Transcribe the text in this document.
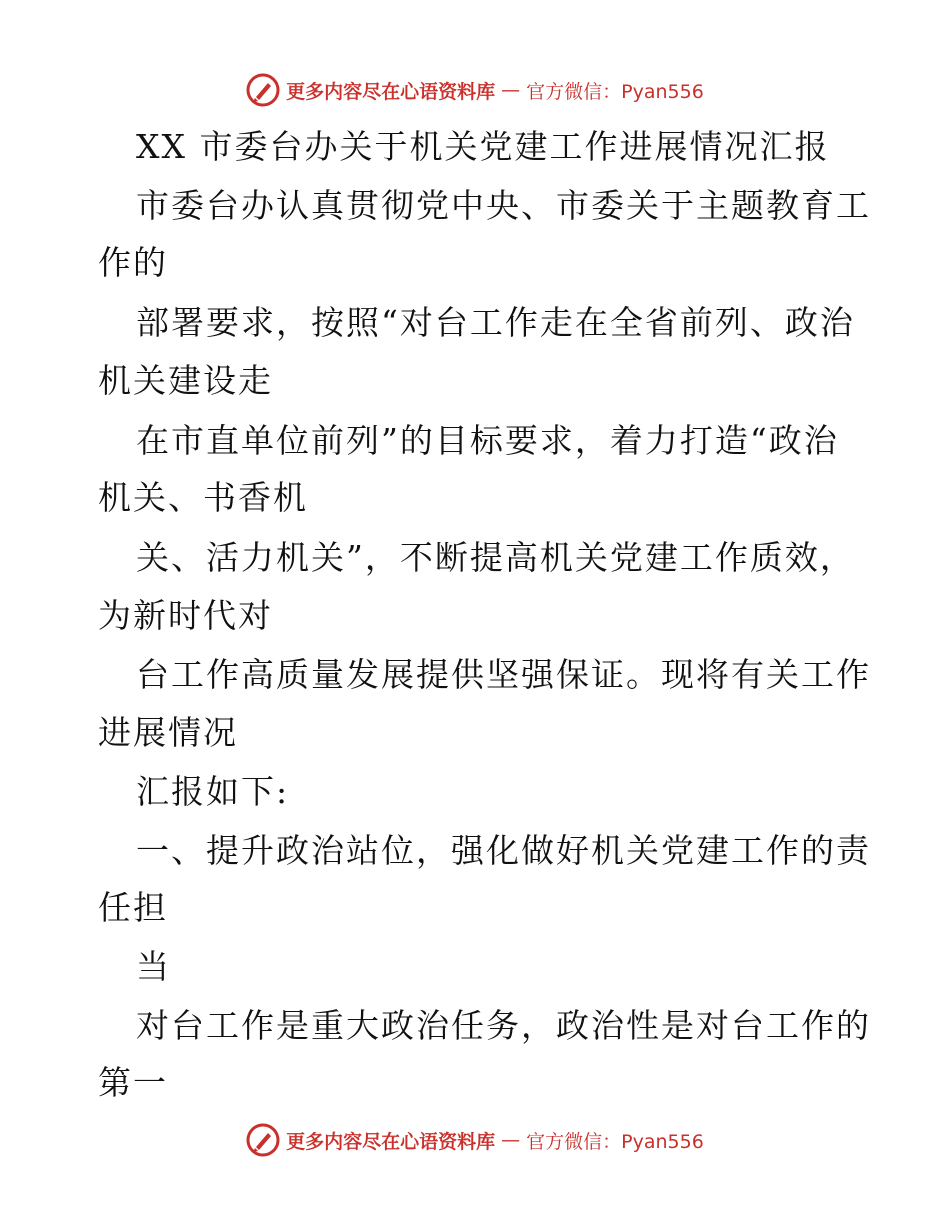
更多内容尽在心语资料库 — 官方微信：Pyan556
XX 市委台办关于机关党建工作进展情况汇报
市委台办认真贯彻党中央、市委关于主题教育工
作的
部署要求，按照“对台工作走在全省前列、政治
机关建设走
在市直单位前列”的目标要求，着力打造“政治
机关、书香机
关、活力机关”，不断提高机关党建工作质效，
为新时代对
台工作高质量发展提供坚强保证。现将有关工作
进展情况
汇报如下:
一、提升政治站位，强化做好机关党建工作的责
任担
当
对台工作是重大政治任务，政治性是对台工作的
第一
更多内容尽在心语资料库 — 官方微信：Pyan556
